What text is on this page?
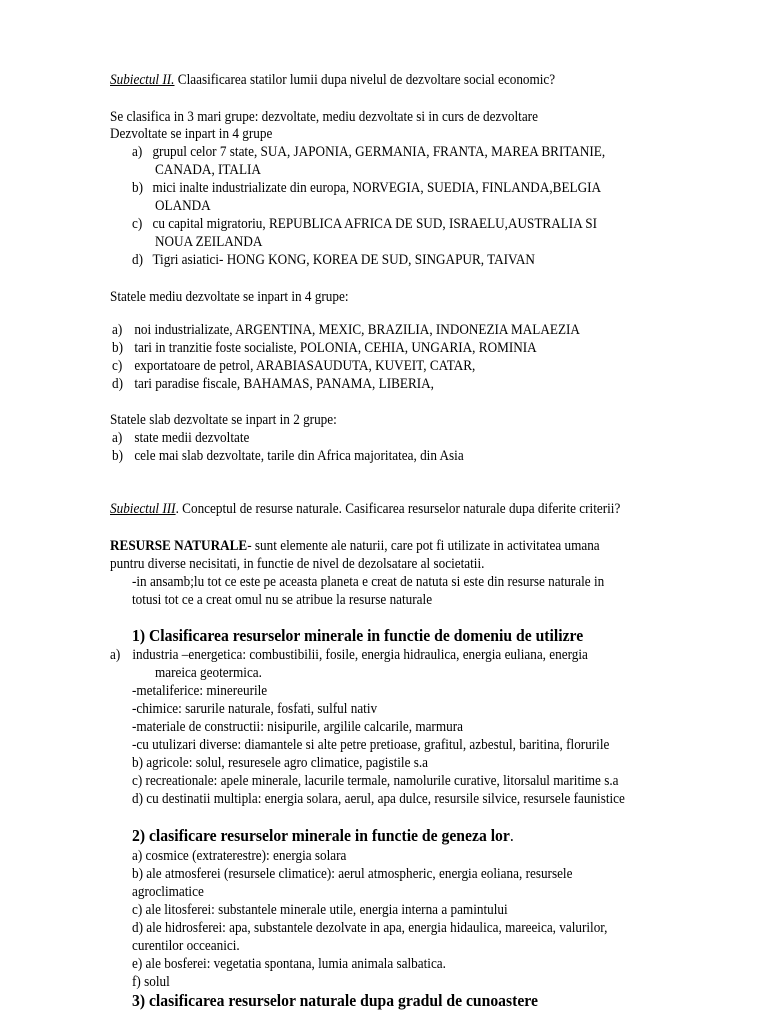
Subiectul II. Claasificarea statilor lumii dupa nivelul de dezvoltare social economic?
Se clasifica in 3 mari grupe: dezvoltate, mediu dezvoltate si in curs de dezvoltare
Dezvoltate se inpart in 4 grupe
a) grupul celor 7 state, SUA, JAPONIA, GERMANIA, FRANTA, MAREA BRITANIE,
CANADA, ITALIA
b) mici inalte industrializate din europa, NORVEGIA, SUEDIA, FINLANDA,BELGIA
OLANDA
c) cu capital migratoriu, REPUBLICA AFRICA DE SUD, ISRAELU,AUSTRALIA SI
NOUA ZEILANDA
d) Tigri asiatici- HONG KONG, KOREA DE SUD, SINGAPUR, TAIVAN
Statele mediu dezvoltate se inpart in 4 grupe:
a) noi industrializate, ARGENTINA, MEXIC, BRAZILIA, INDONEZIA MALAEZIA
b) tari in tranzitie foste socialiste, POLONIA, CEHIA, UNGARIA, ROMINIA
c) exportatoare de petrol, ARABIASAUDUTA, KUVEIT, CATAR,
d) tari paradise fiscale, BAHAMAS, PANAMA, LIBERIA,
Statele slab dezvoltate se inpart in 2 grupe:
a) state medii dezvoltate
b) cele mai slab dezvoltate, tarile din Africa majoritatea, din Asia
Subiectul III. Conceptul de resurse naturale. Casificarea resurselor naturale dupa diferite criterii?
RESURSE NATURALE- sunt elemente ale naturii, care pot fi utilizate in activitatea umana
puntru diverse necisitati, in functie de nivel de dezolsatare al societatii.
-in ansamb;lu tot ce este pe aceasta planeta e creat de natuta si este din resurse naturale in
totusi tot ce a creat omul nu se atribue la resurse naturale
1) Clasificarea resurselor minerale in functie de domeniu de utilizre
a) industria –energetica: combustibilii, fosile, energia hidraulica, energia euliana, energia
mareica geotermica.
-metaliferice: minereurile
-chimice: sarurile naturale, fosfati, sulful nativ
-materiale de constructii: nisipurile, argilile calcarile, marmura
-cu utulizari diverse: diamantele si alte petre pretioase, grafitul, azbestul, baritina, florurile
b) agricole: solul, resuresele agro climatice, pagistile s.a
c) recreationale: apele minerale, lacurile termale, namolurile curative, litorsalul maritime s.a
d) cu destinatii multipla: energia solara, aerul, apa dulce, resursile silvice, resursele faunistice
2) clasificare resurselor minerale in functie de geneza lor.
a) cosmice (extraterestre): energia solara
b) ale atmosferei (resursele climatice): aerul atmospheric, energia eoliana, resursele
agroclimatice
c) ale litosferei: substantele minerale utile, energia interna a pamintului
d) ale hidrosferei: apa, substantele dezolvate in apa, energia hidaulica, mareeica, valurilor,
curentilor occeanici.
e) ale bosferei: vegetatia spontana, lumia animala salbatica.
f) solul
3) clasificarea resurselor naturale dupa gradul de cunoastere
